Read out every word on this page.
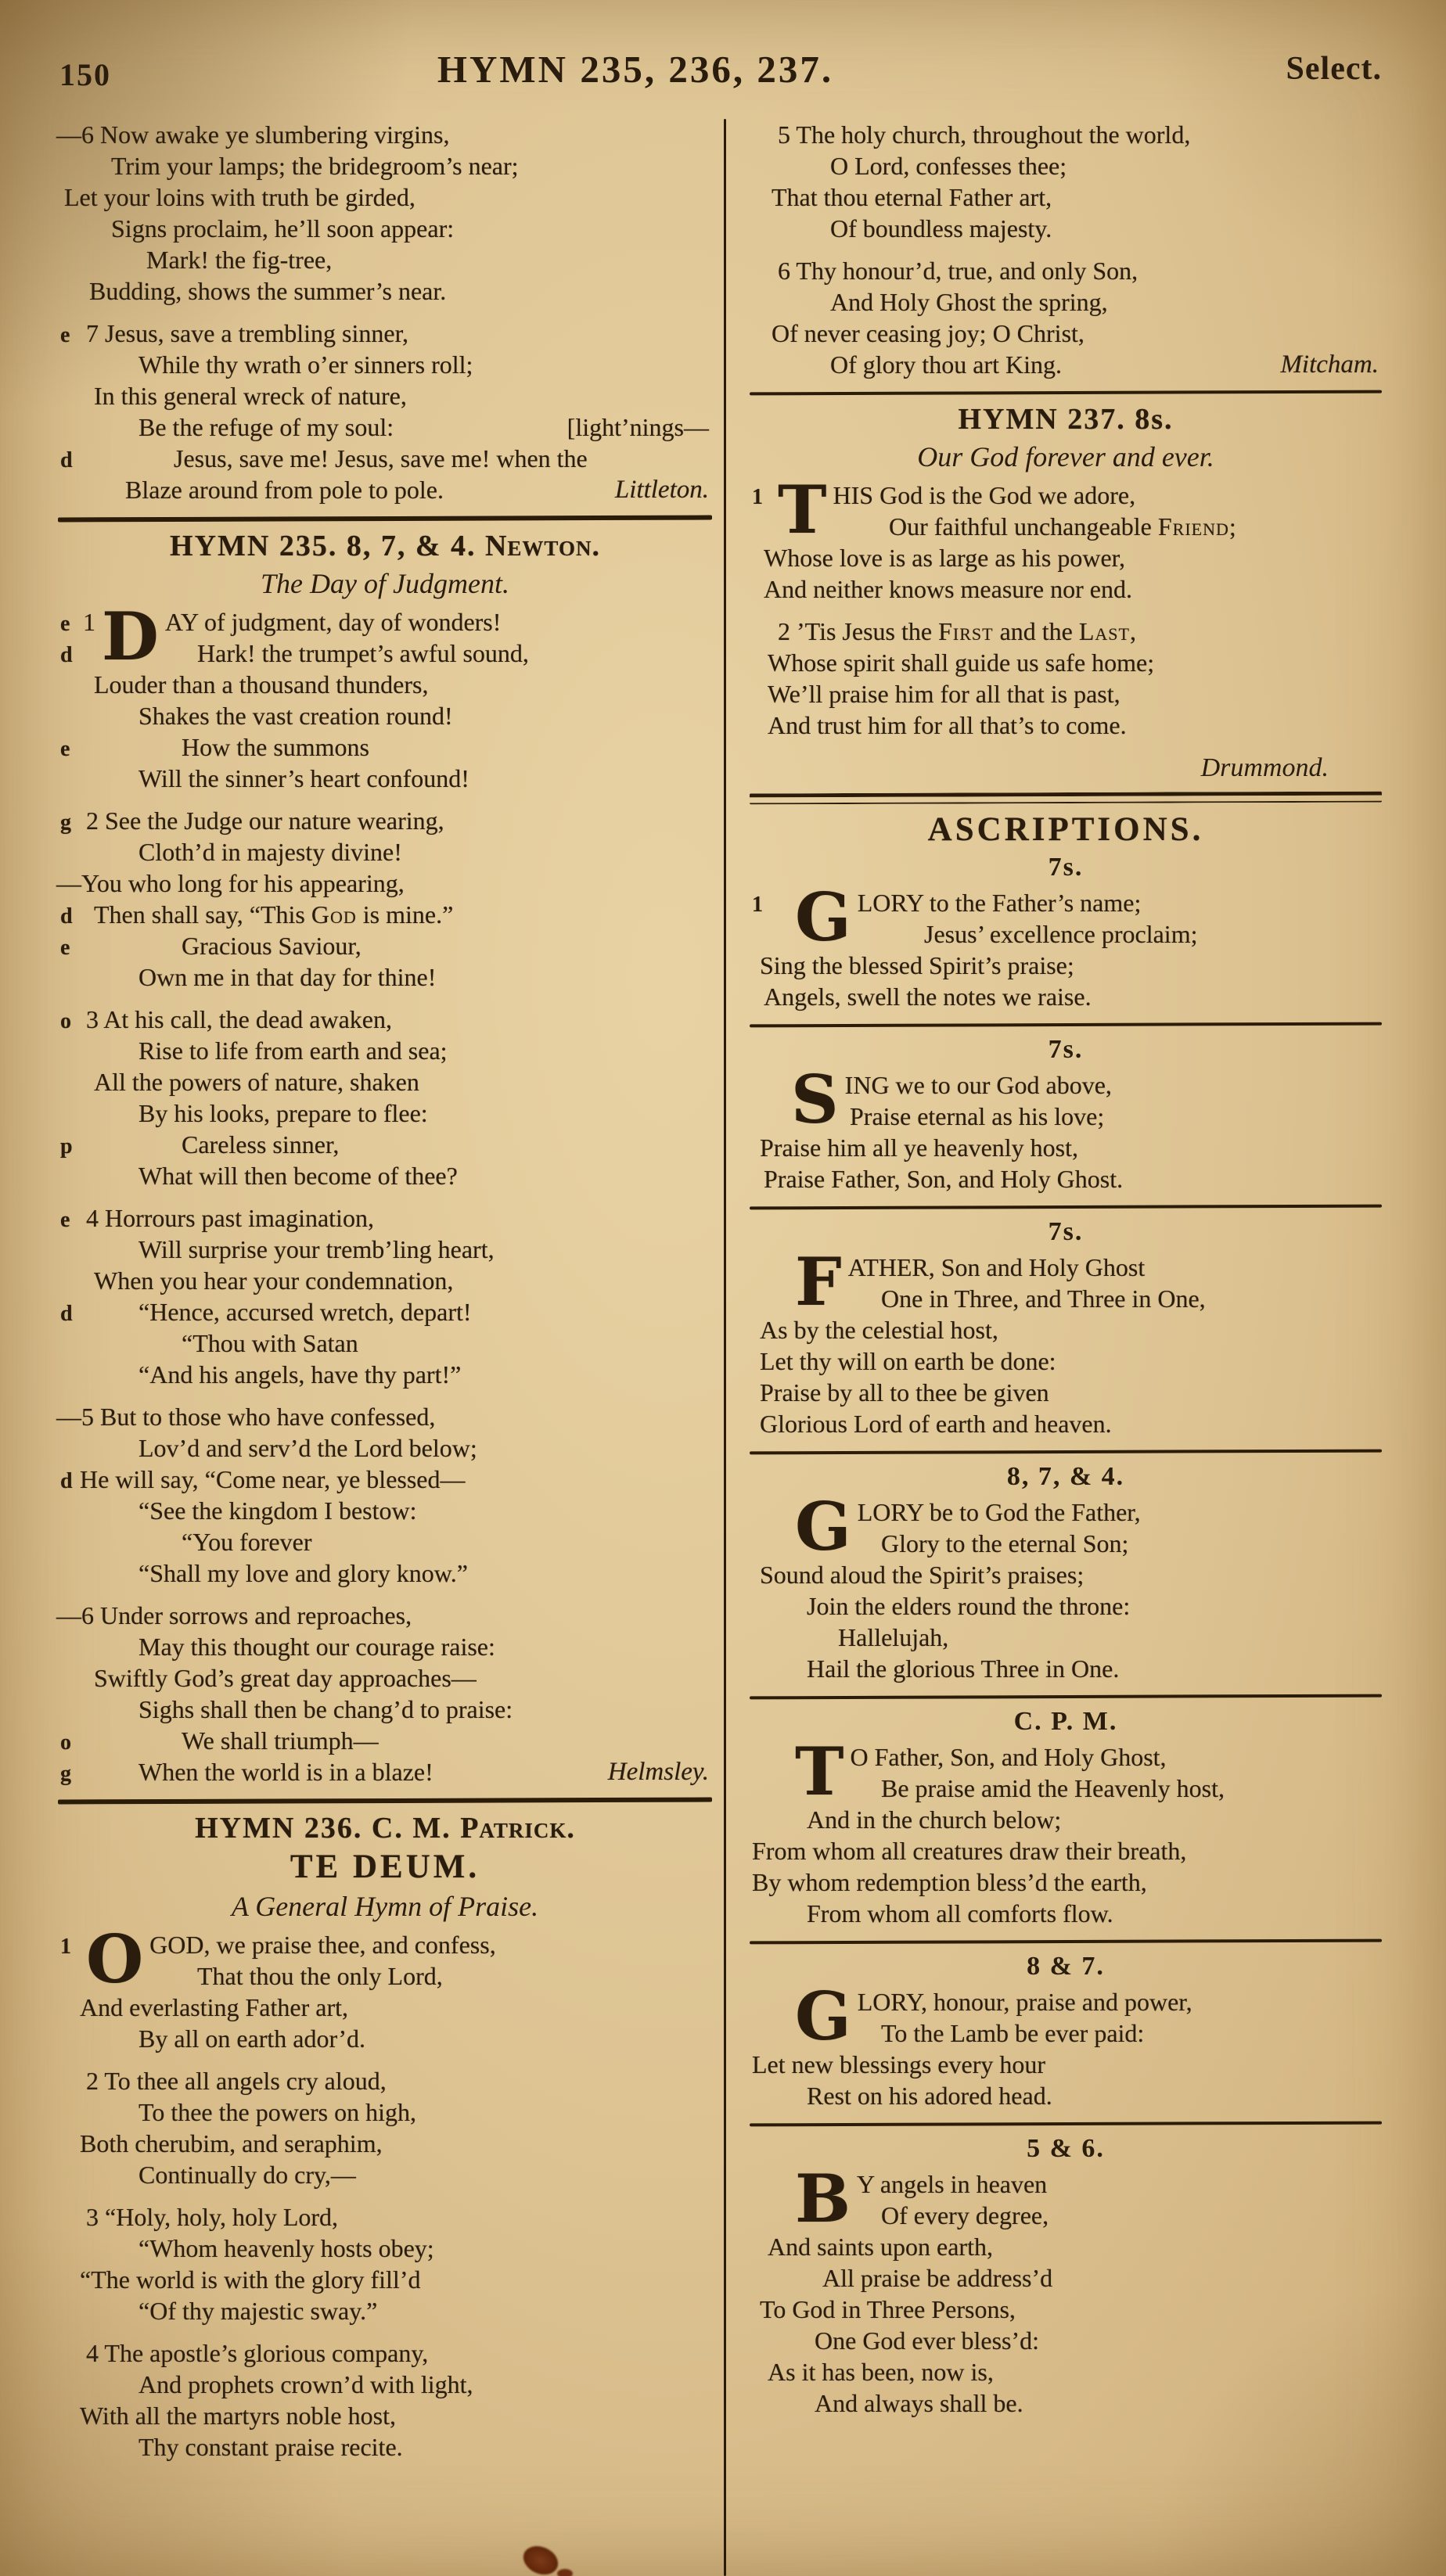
150	HYMN 235, 236, 237.	Select.
—6 Now awake ye slumbering virgins,
Trim your lamps; the bridegroom’s near;
Let your loins with truth be girded,
Signs proclaim, he’ll soon appear:
Mark! the fig-tree,
Budding, shows the summer’s near.
e 7 Jesus, save a trembling sinner,
While thy wrath o’er sinners roll;
In this general wreck of nature,
[light’nings—
Be the refuge of my soul:
d	Jesus, save me! Jesus, save me! when the
Littleton.
Blaze around from pole to pole.
HYMN 235. 8, 7, & 4. Newton.
The Day of Judgment.
e 1 D AY of judgment, day of wonders!
d	Hark! the trumpet’s awful sound,
Louder than a thousand thunders,
Shakes the vast creation round!
e	How the summons
Will the sinner’s heart confound!
g 2 See the Judge our nature wearing,
Cloth’d in majesty divine!
—You who long for his appearing,
d Then shall say, “This God is mine.”
e	Gracious Saviour,
Own me in that day for thine!
o 3 At his call, the dead awaken,
Rise to life from earth and sea;
All the powers of nature, shaken
By his looks, prepare to flee:
p	Careless sinner,
What will then become of thee?
e 4 Horrours past imagination,
Will surprise your tremb’ling heart,
When you hear your condemnation,
d	“Hence, accursed wretch, depart!
“Thou with Satan
“And his angels, have thy part!”
—5 But to those who have confessed,
Lov’d and serv’d the Lord below;
d He will say, “Come near, ye blessed—
“See the kingdom I bestow:
“You forever
“Shall my love and glory know.”
—6 Under sorrows and reproaches,
May this thought our courage raise:
Swiftly God’s great day approaches—
Sighs shall then be chang’d to praise:
o	We shall triumph—
Helmsley.
g	When the world is in a blaze!
HYMN 236. C. M. Patrick.
TE DEUM.
A General Hymn of Praise.
1 O GOD, we praise thee, and confess,
That thou the only Lord,
And everlasting Father art,
By all on earth ador’d.
2 To thee all angels cry aloud,
To thee the powers on high,
Both cherubim, and seraphim,
Continually do cry,—
3 “Holy, holy, holy Lord,
“Whom heavenly hosts obey;
“The world is with the glory fill’d
“Of thy majestic sway.”
4 The apostle’s glorious company,
And prophets crown’d with light,
With all the martyrs noble host,
Thy constant praise recite.
5 The holy church, throughout the world,
O Lord, confesses thee;
That thou eternal Father art,
Of boundless majesty.
6 Thy honour’d, true, and only Son,
And Holy Ghost the spring,
Of never ceasing joy; O Christ,
Mitcham.
Of glory thou art King.
HYMN 237. 8s.
Our God forever and ever.
1 T HIS God is the God we adore,
Our faithful unchangeable Friend;
Whose love is as large as his power,
And neither knows measure nor end.
2 ’Tis Jesus the First and the Last,
Whose spirit shall guide us safe home;
We’ll praise him for all that is past,
And trust him for all that’s to come.
Drummond.
ASCRIPTIONS.
7s.
1 G LORY to the Father’s name;
Jesus’ excellence proclaim;
Sing the blessed Spirit’s praise;
Angels, swell the notes we raise.
7s.
SING we to our God above,
Praise eternal as his love;
Praise him all ye heavenly host,
Praise Father, Son, and Holy Ghost.
7s.
FATHER, Son and Holy Ghost
One in Three, and Three in One,
As by the celestial host,
Let thy will on earth be done:
Praise by all to thee be given
Glorious Lord of earth and heaven.
8, 7, & 4.
GLORY be to God the Father,
Glory to the eternal Son;
Sound aloud the Spirit’s praises;
Join the elders round the throne:
Hallelujah,
Hail the glorious Three in One.
C. P. M.
T O Father, Son, and Holy Ghost,
Be praise amid the Heavenly host,
And in the church below;
From whom all creatures draw their breath,
By whom redemption bless’d the earth,
From whom all comforts flow.
8 & 7.
GLORY, honour, praise and power,
To the Lamb be ever paid:
Let new blessings every hour
Rest on his adored head.
5 & 6.
B Y angels in heaven
Of every degree,
And saints upon earth,
All praise be address’d
To God in Three Persons,
One God ever bless’d:
As it has been, now is,
And always shall be.
